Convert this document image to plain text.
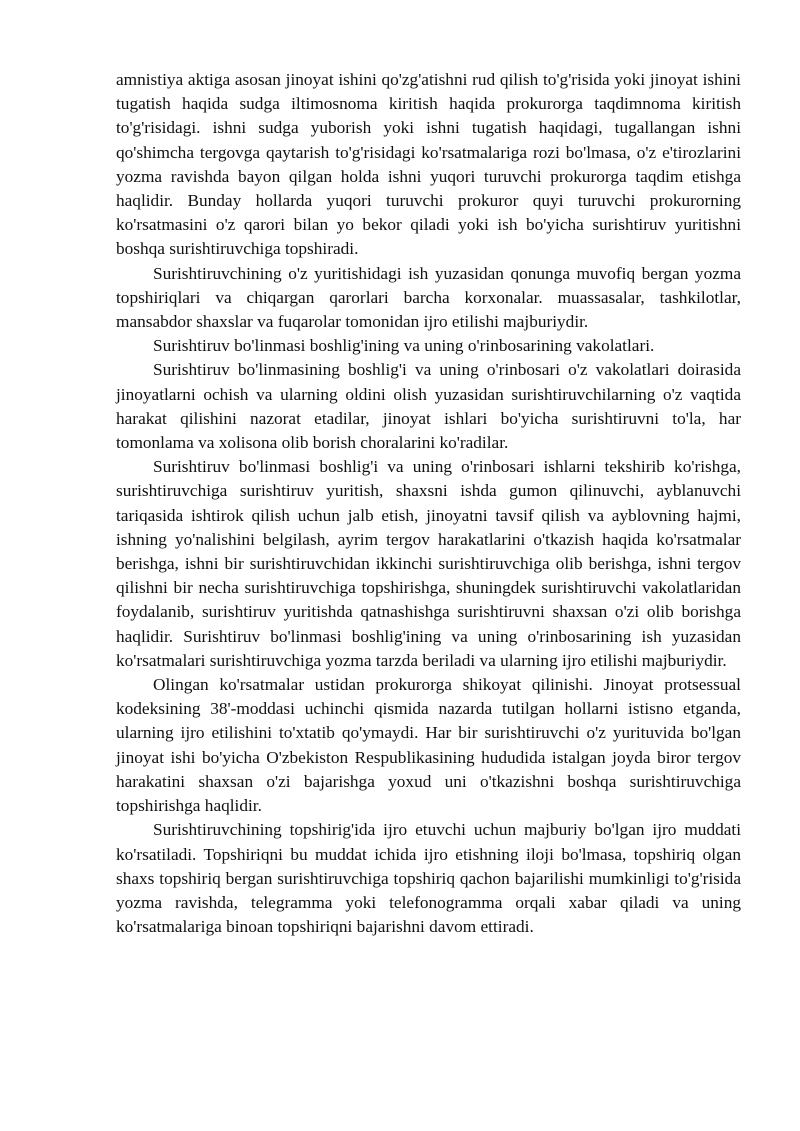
amnistiya aktiga asosan jinoyat ishini qo'zg'atishni rud qilish to'g'risida yoki jinoyat ishini tugatish haqida sudga iltimosnoma kiritish haqida prokurorga taqdimnoma kiritish to'g'risidagi. ishni sudga yuborish yoki ishni tugatish haqidagi, tugallangan ishni qo'shimcha tergovga qaytarish to'g'risidagi ko'rsatmalariga rozi bo'lmasa, o'z e'tirozlarini yozma ravishda bayon qilgan holda ishni yuqori turuvchi prokurorga taqdim etishga haqlidir. Bunday hollarda yuqori turuvchi prokuror quyi turuvchi prokurorning ko'rsatmasini o'z qarori bilan yo bekor qiladi yoki ish bo'yicha surishtiruv yuritishni boshqa surishtiruvchiga topshiradi.

Surishtiruvchining o'z yuritishidagi ish yuzasidan qonunga muvofiq bergan yozma topshiriqlari va chiqargan qarorlari barcha korxonalar. muassasalar, tashkilotlar, mansabdor shaxslar va fuqarolar tomonidan ijro etilishi majburiydir.

Surishtiruv bo'linmasi boshlig'ining va uning o'rinbosarining vakolatlari.

Surishtiruv bo'linmasining boshlig'i va uning o'rinbosari o'z vakolatlari doirasida jinoyatlarni ochish va ularning oldini olish yuzasidan surishtiruvchilarning o'z vaqtida harakat qilishini nazorat etadilar, jinoyat ishlari bo'yicha surishtiruvni to'la, har tomonlama va xolisona olib borish choralarini ko'radilar.

Surishtiruv bo'linmasi boshlig'i va uning o'rinbosari ishlarni tekshirib ko'rishga, surishtiruvchiga surishtiruv yuritish, shaxsni ishda gumon qilinuvchi, ayblanuvchi tariqasida ishtirok qilish uchun jalb etish, jinoyatni tavsif qilish va ayblovning hajmi, ishning yo'nalishini belgilash, ayrim tergov harakatlarini o'tkazish haqida ko'rsatmalar berishga, ishni bir surishtiruvchidan ikkinchi surishtiruvchiga olib berishga, ishni tergov qilishni bir necha surishtiruvchiga topshirishga, shuningdek surishtiruvchi vakolatlaridan foydalanib, surishtiruv yuritishda qatnashishga surishtiruvni shaxsan o'zi olib borishga haqlidir. Surishtiruv bo'linmasi boshlig'ining va uning o'rinbosarining ish yuzasidan ko'rsatmalari surishtiruvchiga yozma tarzda beriladi va ularning ijro etilishi majburiydir.

Olingan ko'rsatmalar ustidan prokurorga shikoyat qilinishi. Jinoyat protsessual kodeksining 38'-moddasi uchinchi qismida nazarda tutilgan hollarni istisno etganda, ularning ijro etilishini to'xtatib qo'ymaydi. Har bir surishtiruvchi o'z yurituvida bo'lgan jinoyat ishi bo'yicha O'zbekiston Respublikasining hududida istalgan joyda biror tergov harakatini shaxsan o'zi bajarishga yoxud uni o'tkazishni boshqa surishtiruvchiga topshirishga haqlidir.

Surishtiruvchining topshirig'ida ijro etuvchi uchun majburiy bo'lgan ijro muddati ko'rsatiladi. Topshiriqni bu muddat ichida ijro etishning iloji bo'lmasa, topshiriq olgan shaxs topshiriq bergan surishtiruvchiga topshiriq qachon bajarilishi mumkinligi to'g'risida yozma ravishda, telegramma yoki telefonogramma orqali xabar qiladi va uning ko'rsatmalariga binoan topshiriqni bajarishni davom ettiradi.
